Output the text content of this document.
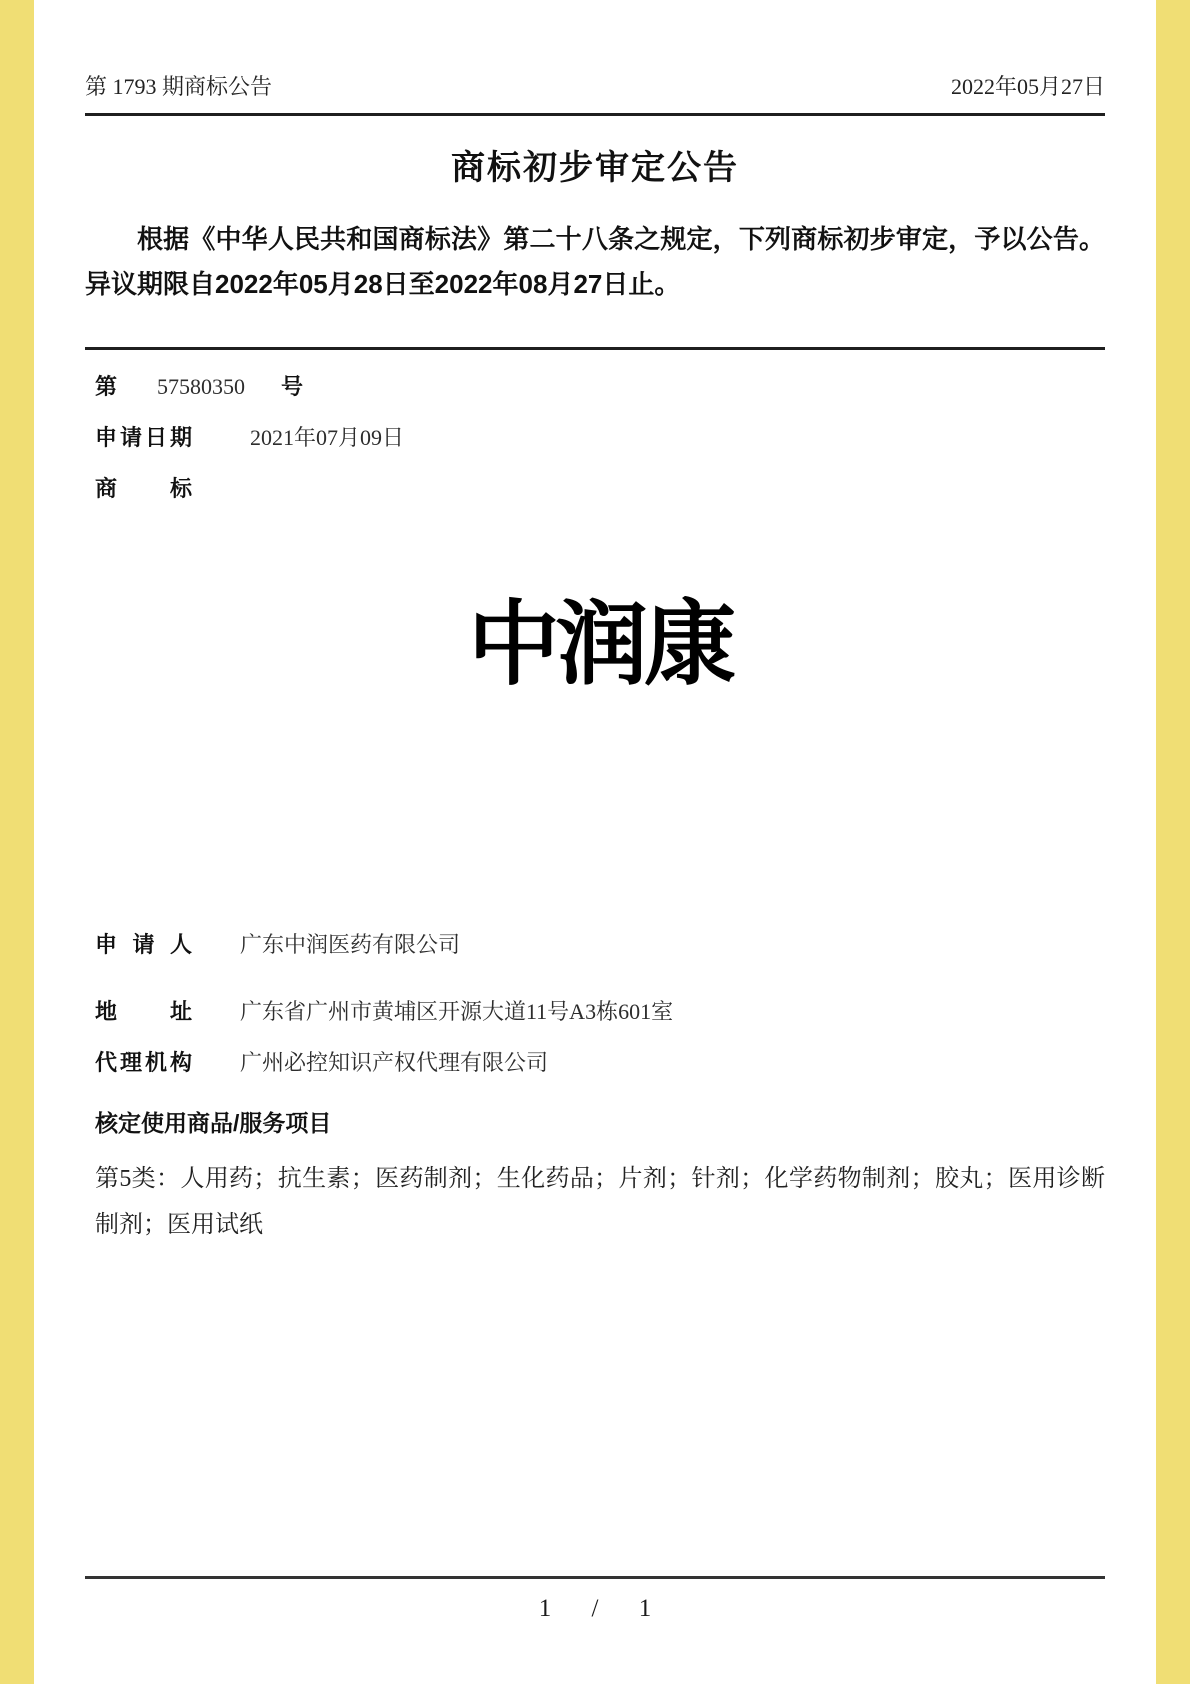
第 1793 期商标公告	2022年05月27日
商标初步审定公告

根据《中华人民共和国商标法》第二十八条之规定，下列商标初步审定，予以公告。异议期限自2022年05月28日至2022年08月27日止。

第 57580350 号
申请日期	2021年07月09日
商标
中润康
申请人 广东中润医药有限公司
地址 广东省广州市黄埔区开源大道11号A3栋601室
代理机构 广州必控知识产权代理有限公司
核定使用商品/服务项目

第5类：人用药；抗生素；医药制剂；生化药品；片剂；针剂；化学药物制剂；胶丸；医用诊断制剂；医用试纸

1 / 1
